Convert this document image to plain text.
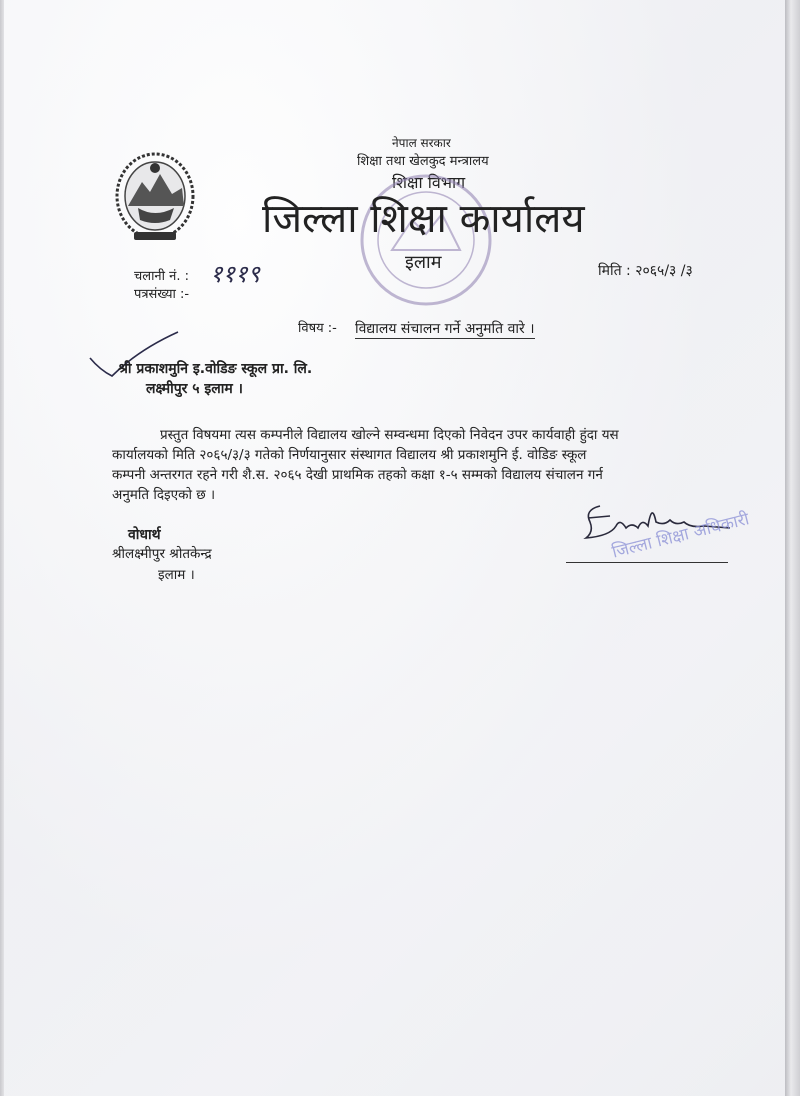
नेपाल सरकार
शिक्षा तथा खेलकुद मन्त्रालय
शिक्षा विभाग
जिल्ला शिक्षा कार्यालय
इलाम
चलानी नं. : १११९
पत्रसंख्या :-
मिति : २०६५/३ /३
विषय :- विद्यालय संचालन गर्ने अनुमति वारे ।
श्री प्रकाशमुनि इ.वोडिङ स्कूल प्रा. लि.
लक्ष्मीपुर ५ इलाम ।
प्रस्तुत विषयमा त्यस कम्पनीले विद्यालय खोल्ने सम्वन्धमा दिएको निवेदन उपर कार्यवाही हुंदा यस
कार्यालयको मिति २०६५/३/३ गतेको निर्णयानुसार संस्थागत विद्यालय श्री प्रकाशमुनि ई. वोडिङ स्कूल
कम्पनी अन्तरगत रहने गरी शै.स. २०६५ देखी प्राथमिक तहको कक्षा १-५ सम्मको विद्यालय संचालन गर्न
अनुमति दिइएको छ ।
वोधार्थ
श्रीलक्ष्मीपुर श्रोतकेन्द्र
इलाम ।
जिल्ला शिक्षा अधिकारी
